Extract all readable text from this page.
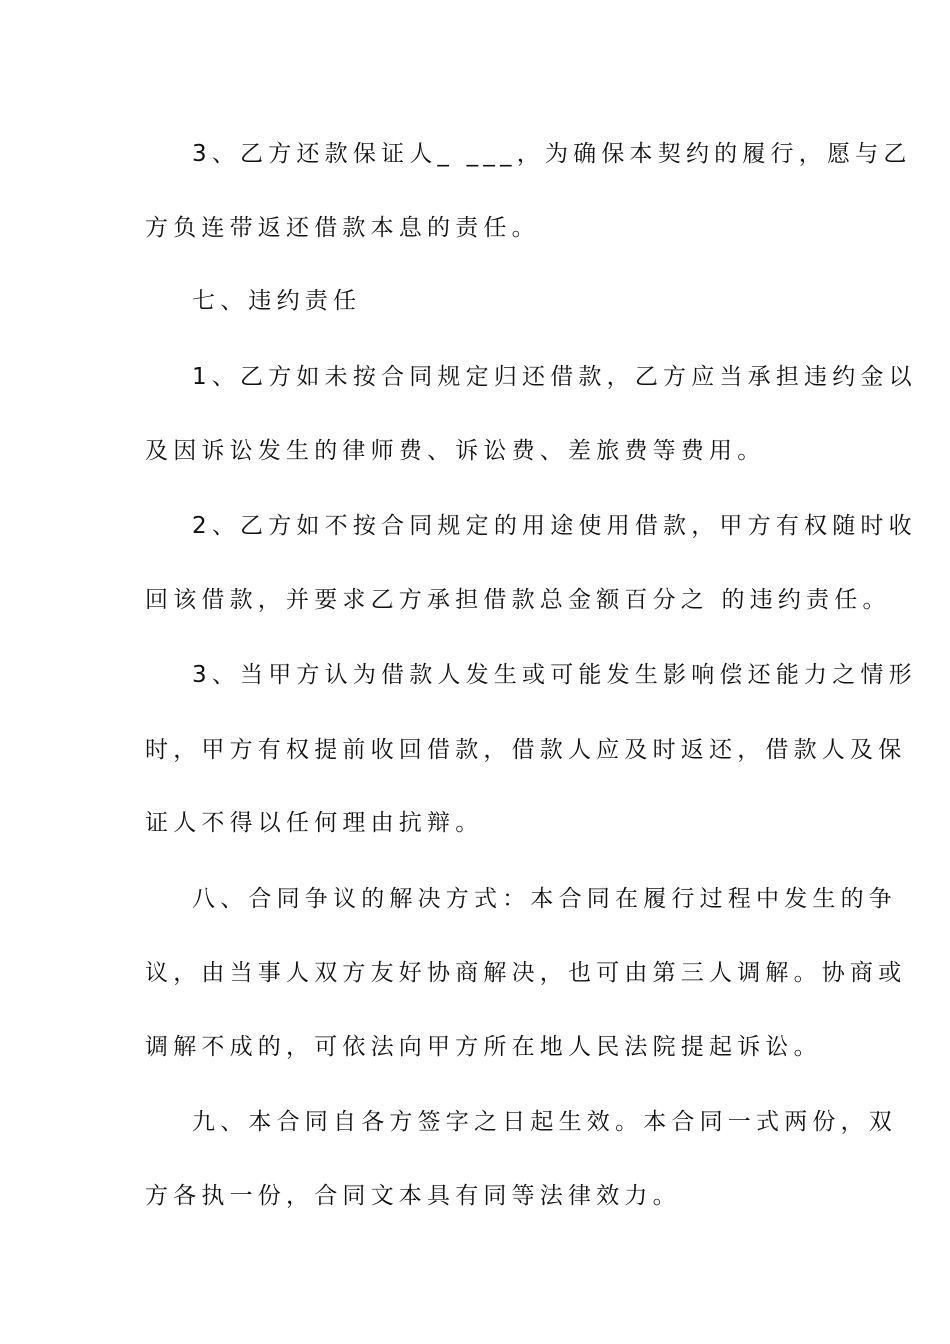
3、乙方还款保证人_ ___，为确保本契约的履行，愿与乙
方负连带返还借款本息的责任。
七、违约责任
1、乙方如未按合同规定归还借款，乙方应当承担违约金以
及因诉讼发生的律师费、诉讼费、差旅费等费用。
2、乙方如不按合同规定的用途使用借款，甲方有权随时收
回该借款，并要求乙方承担借款总金额百分之 的违约责任。
3、当甲方认为借款人发生或可能发生影响偿还能力之情形
时，甲方有权提前收回借款，借款人应及时返还，借款人及保
证人不得以任何理由抗辩。
八、合同争议的解决方式：本合同在履行过程中发生的争
议，由当事人双方友好协商解决，也可由第三人调解。协商或
调解不成的，可依法向甲方所在地人民法院提起诉讼。
九、本合同自各方签字之日起生效。本合同一式两份，双
方各执一份，合同文本具有同等法律效力。
